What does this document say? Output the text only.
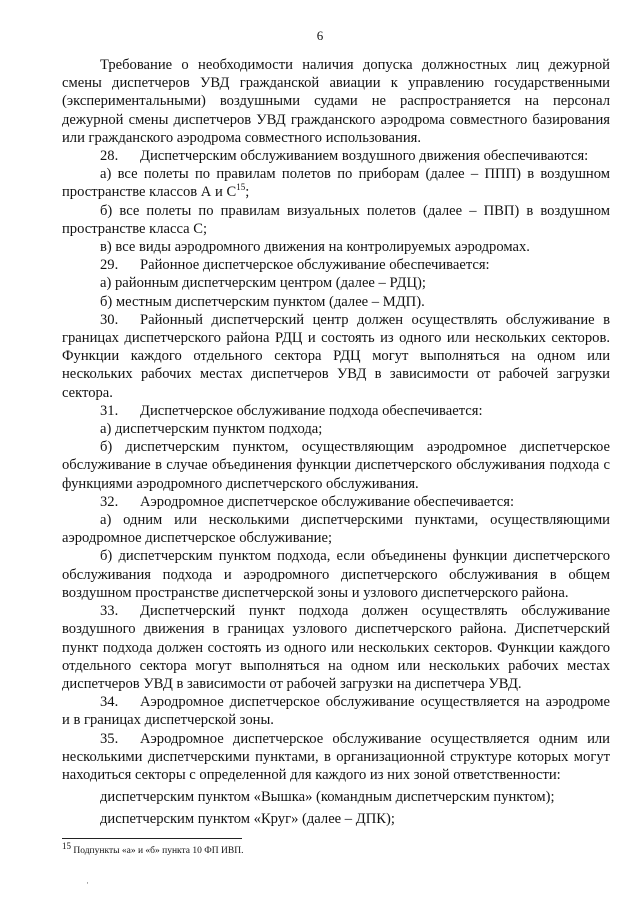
6

Требование о необходимости наличия допуска должностных лиц дежурной смены диспетчеров УВД гражданской авиации к управлению государственными (экспериментальными) воздушными судами не распространяется на персонал дежурной смены диспетчеров УВД гражданского аэродрома совместного базирования или гражданского аэродрома совместного использования.

28. Диспетчерским обслуживанием воздушного движения обеспечиваются:

а) все полеты по правилам полетов по приборам (далее – ППП) в воздушном пространстве классов А и $С^{15}$;

б) все полеты по правилам визуальных полетов (далее – ПВП) в воздушном пространстве класса С;

в) все виды аэродромного движения на контролируемых аэродромах.

29. Районное диспетчерское обслуживание обеспечивается:

а) районным диспетчерским центром (далее – РДЦ);

б) местным диспетчерским пунктом (далее – МДП).

30. Районный диспетчерский центр должен осуществлять обслуживание в границах диспетчерского района РДЦ и состоять из одного или нескольких секторов. Функции каждого отдельного сектора РДЦ могут выполняться на одном или нескольких рабочих местах диспетчеров УВД в зависимости от рабочей загрузки сектора.

31. Диспетчерское обслуживание подхода обеспечивается:

а) диспетчерским пунктом подхода;

б) диспетчерским пунктом, осуществляющим аэродромное диспетчерское обслуживание в случае объединения функции диспетчерского обслуживания подхода с функциями аэродромного диспетчерского обслуживания.

32. Аэродромное диспетчерское обслуживание обеспечивается:

а) одним или несколькими диспетчерскими пунктами, осуществляющими аэродромное диспетчерское обслуживание;

б) диспетчерским пунктом подхода, если объединены функции диспетчерского обслуживания подхода и аэродромного диспетчерского обслуживания в общем воздушном пространстве диспетчерской зоны и узлового диспетчерского района.

33. Диспетчерский пункт подхода должен осуществлять обслуживание воздушного движения в границах узлового диспетчерского района. Диспетчерский пункт подхода должен состоять из одного или нескольких секторов. Функции каждого отдельного сектора могут выполняться на одном или нескольких рабочих местах диспетчеров УВД в зависимости от рабочей загрузки на диспетчера УВД.

34. Аэродромное диспетчерское обслуживание осуществляется на аэродроме и в границах диспетчерской зоны.

35. Аэродромное диспетчерское обслуживание осуществляется одним или несколькими диспетчерскими пунктами, в организационной структуре которых могут находиться секторы с определенной для каждого из них зоной ответственности:

диспетчерским пунктом «Вышка» (командным диспетчерским пунктом);

диспетчерским пунктом «Круг» (далее – ДПК);

$^{15}$ Подпункты «а» и «б» пункта 10 ФП ИВП.
·
